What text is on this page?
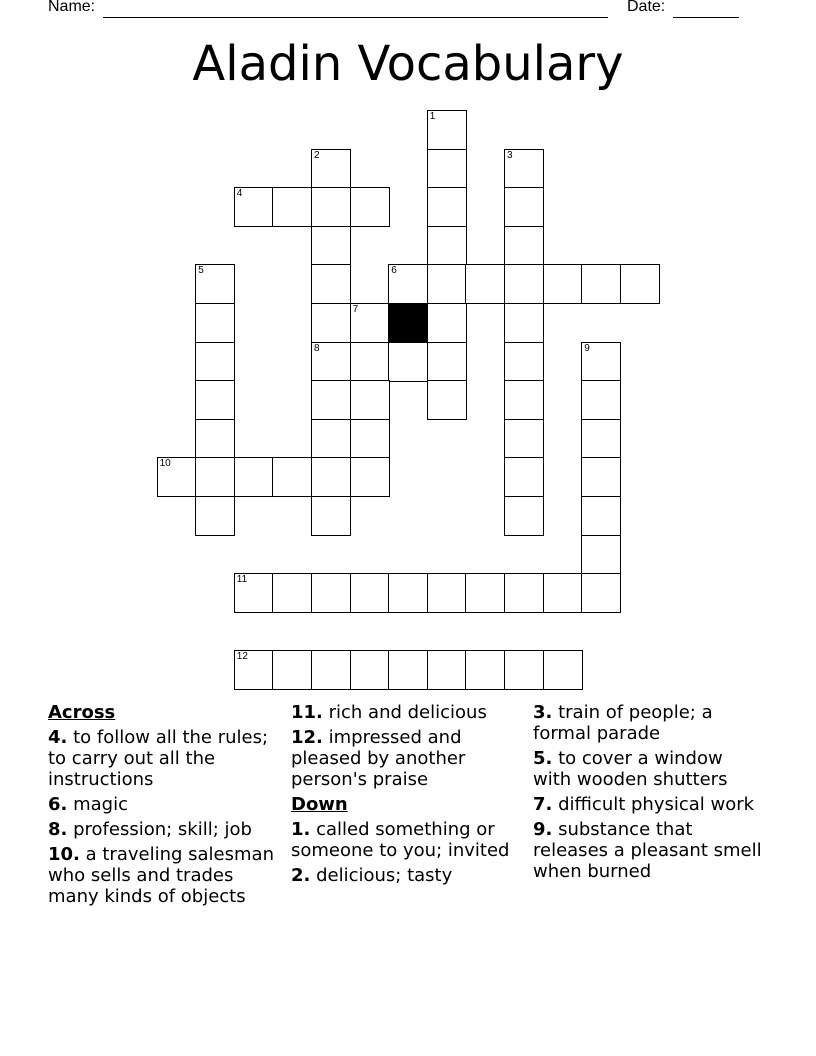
Name:	Date:
Aladin Vocabulary
1
2	3
4
5	6
7
8	9
10
11
12
Across
4. to follow all the rules; to carry out all the instructions
6. magic
8. profession; skill; job
10. a traveling salesman who sells and trades many kinds of objects
11. rich and delicious
12. impressed and pleased by another person's praise
Down
1. called something or someone to you; invited
2. delicious; tasty
3. train of people; a formal parade
5. to cover a window with wooden shutters
7. difficult physical work
9. substance that releases a pleasant smell when burned
